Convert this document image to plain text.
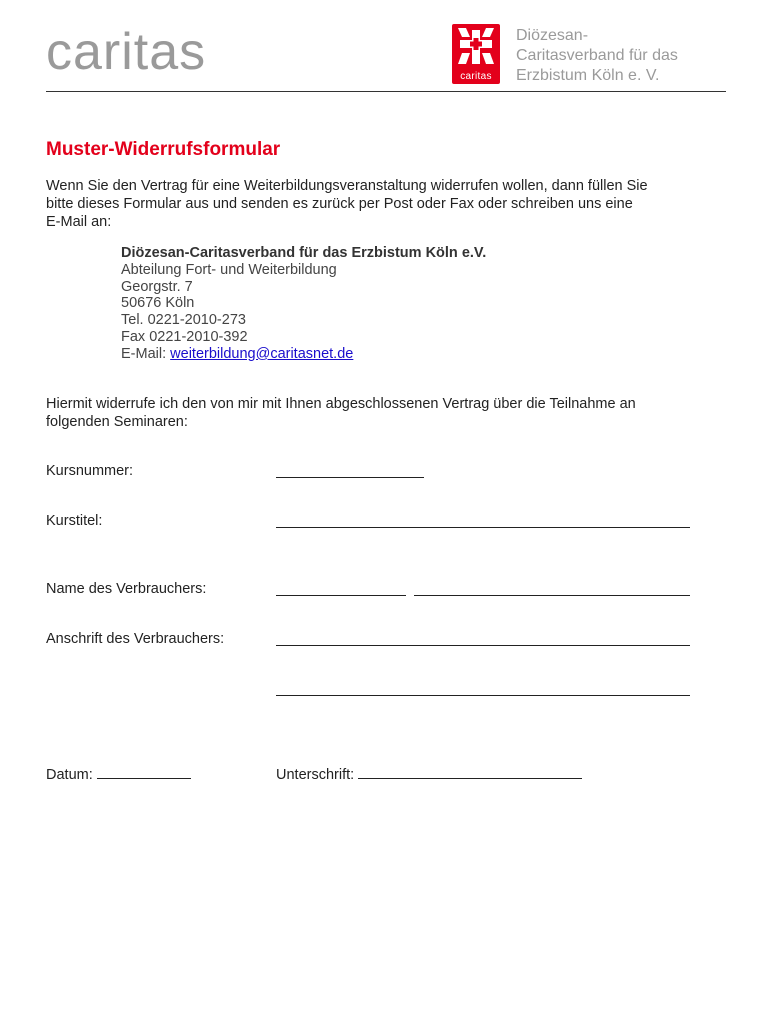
caritas	caritas
Diözesan-
Caritasverband für das
Erzbistum Köln e. V.
Muster-Widerrufsformular
Wenn Sie den Vertrag für eine Weiterbildungsveranstaltung widerrufen wollen, dann füllen Sie
bitte dieses Formular aus und senden es zurück per Post oder Fax oder schreiben uns eine
E-Mail an:
Diözesan-Caritasverband für das Erzbistum Köln e.V.
Abteilung Fort- und Weiterbildung
Georgstr. 7
50676 Köln
Tel. 0221-2010-273
Fax 0221-2010-392
E-Mail: weiterbildung@caritasnet.de
Hiermit widerrufe ich den von mir mit Ihnen abgeschlossenen Vertrag über die Teilnahme an
folgenden Seminaren:
Kursnummer:
Kurstitel:
Name des Verbrauchers:
Anschrift des Verbrauchers:
Datum:	Unterschrift:
